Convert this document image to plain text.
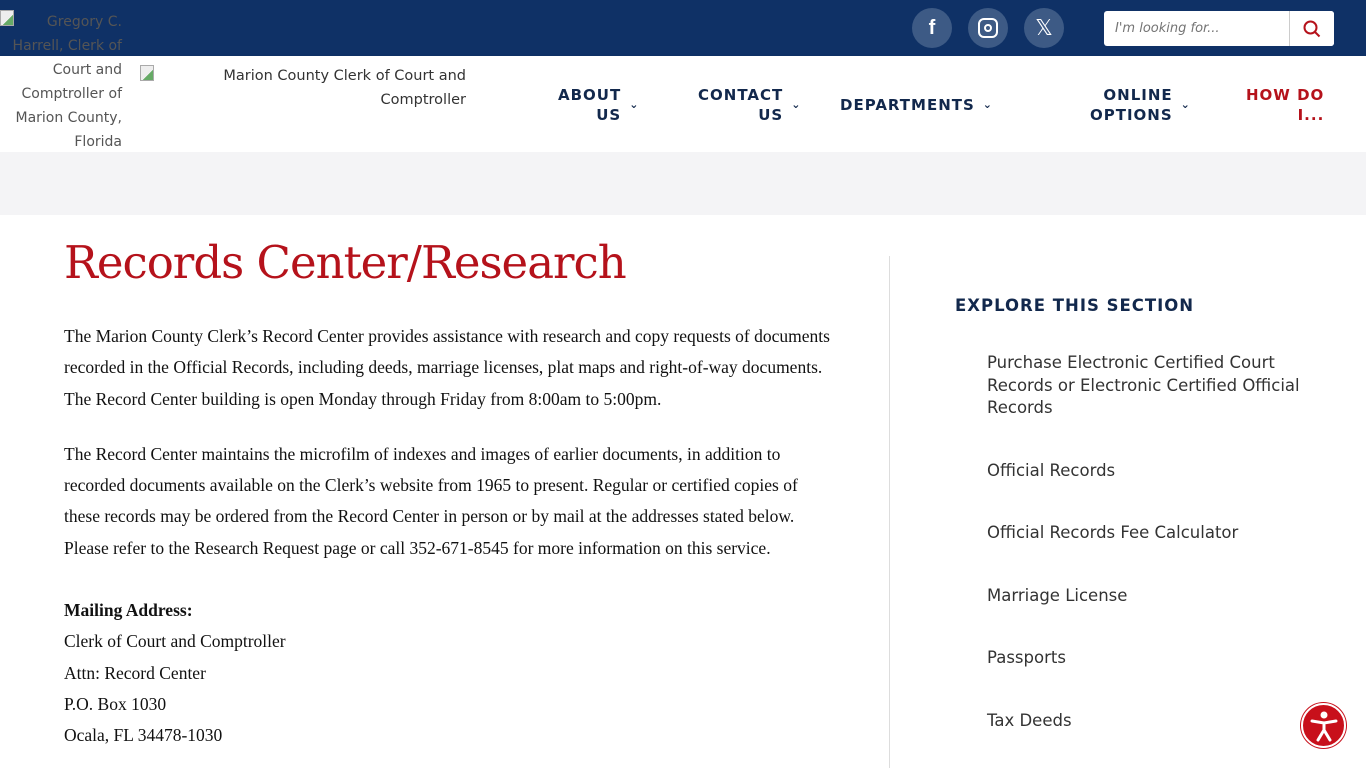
f	𝕏
I'm looking for...
Gregory C. Harrell, Clerk of Court and Comptroller of Marion County, Florida
Marion County Clerk of Court and Comptroller	ABOUT
US
⌄
CONTACT
US
⌄	DEPARTMENTS ⌄
ONLINE
OPTIONS
⌄
HOW DO
I...
Records Center/Research

The Marion County Clerk’s Record Center provides assistance with research and copy requests of documents recorded in the Official Records, including deeds, marriage licenses, plat maps and right-of-way documents. The Record Center building is open Monday through Friday from 8:00am to 5:00pm.

The Record Center maintains the microfilm of indexes and images of earlier documents, in addition to recorded documents available on the Clerk’s website from 1965 to present. Regular or certified copies of these records may be ordered from the Record Center in person or by mail at the addresses stated below. Please refer to the Research Request page or call 352-671-8545 for more information on this service.

Mailing Address:
Clerk of Court and Comptroller
Attn: Record Center
P.O. Box 1030
Ocala, FL 34478-1030
EXPLORE THIS SECTION
Purchase Electronic Certified Court Records or Electronic Certified Official Records
Official Records
Official Records Fee Calculator
Marriage License
Passports
Tax Deeds
